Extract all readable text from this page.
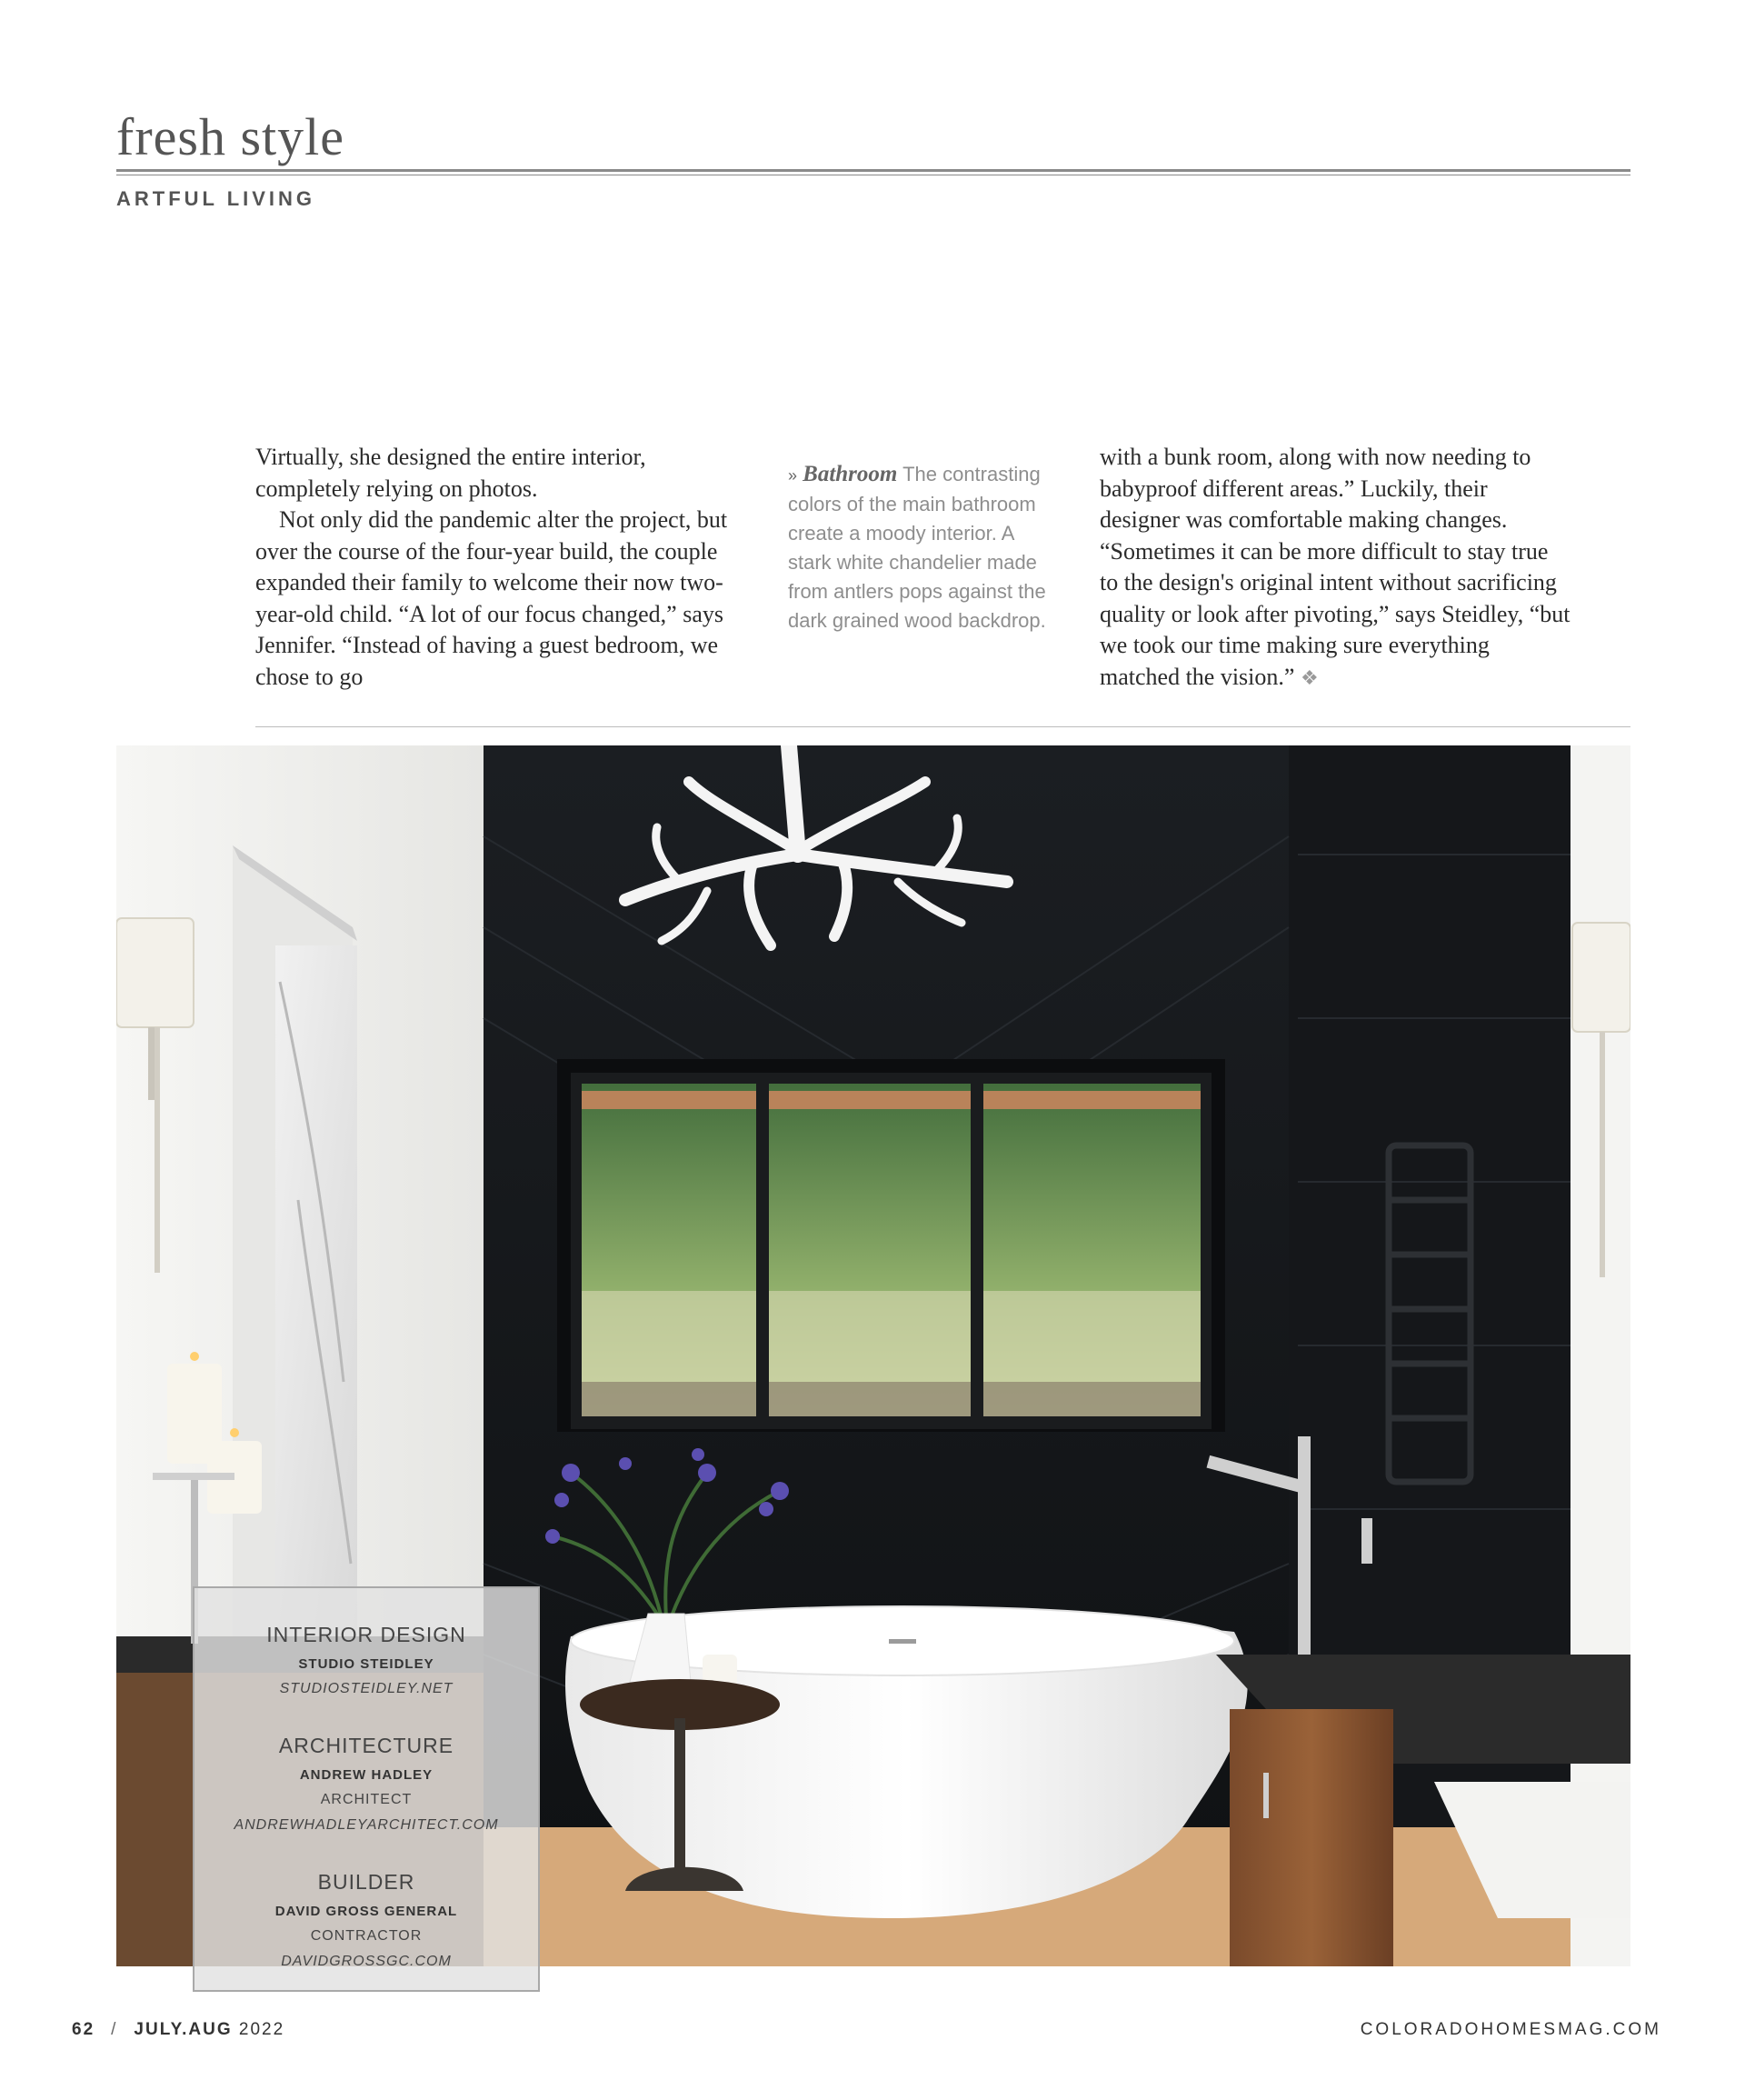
fresh style
ARTFUL LIVING

Virtually, she designed the entire interior, completely relying on photos.

Not only did the pandemic alter the project, but over the course of the four-year build, the couple expanded their family to welcome their now two-year-old child. “A lot of our focus changed,” says Jennifer. “Instead of having a guest bedroom, we chose to go

» Bathroom The contrasting colors of the main bathroom create a moody interior. A stark white chandelier made from antlers pops against the dark grained wood backdrop.

with a bunk room, along with now needing to babyproof different areas.” Luckily, their designer was comfortable making changes. “Sometimes it can be more difficult to stay true to the design's original intent without sacrificing quality or look after pivoting,” says Steidley, “but we took our time making sure everything matched the vision.” ❖

INTERIOR DESIGN
STUDIO STEIDLEY
STUDIOSTEIDLEY.NET
ARCHITECTURE
ANDREW HADLEY
ARCHITECT
ANDREWHADLEYARCHITECT.COM
BUILDER
DAVID GROSS GENERAL
CONTRACTOR
DAVIDGROSSGC.COM
62 / JULY.AUG 2022	COLORADOHOMESMAG.COM
